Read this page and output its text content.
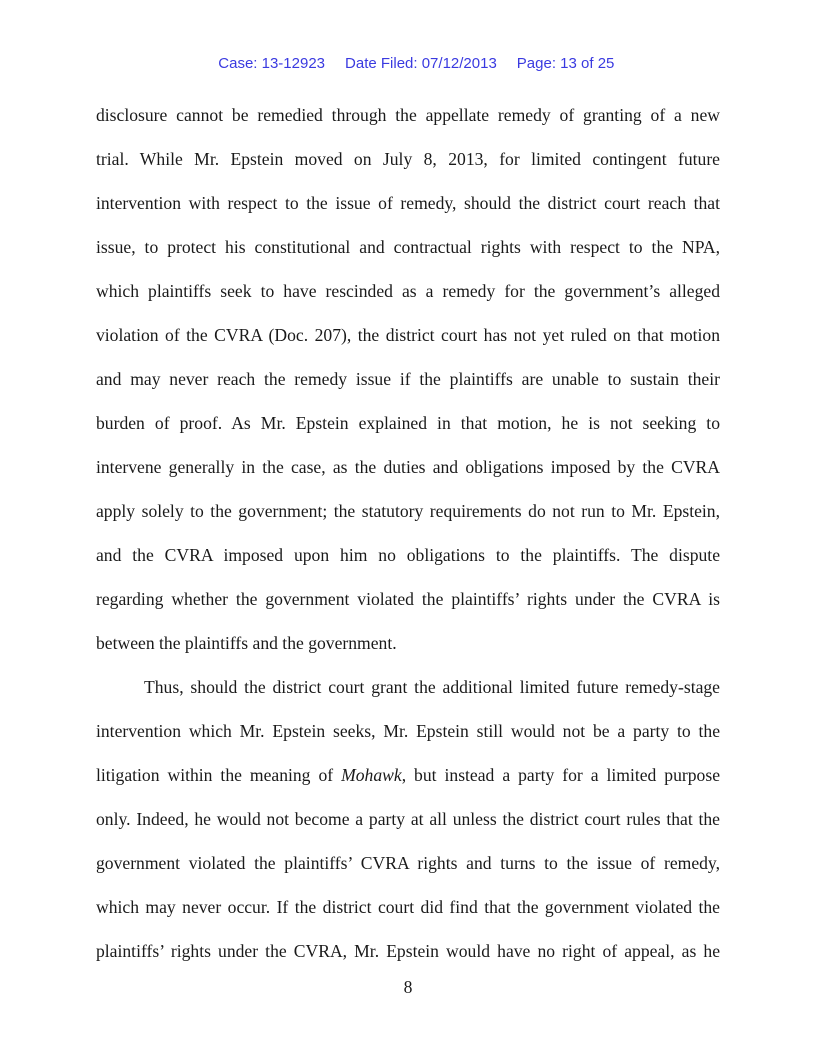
Case: 13-12923 Date Filed: 07/12/2013 Page: 13 of 25

disclosure cannot be remedied through the appellate remedy of granting of a new
trial. While Mr. Epstein moved on July 8, 2013, for limited contingent future
intervention with respect to the issue of remedy, should the district court reach that
issue, to protect his constitutional and contractual rights with respect to the NPA,
which plaintiffs seek to have rescinded as a remedy for the government’s alleged
violation of the CVRA (Doc. 207), the district court has not yet ruled on that motion
and may never reach the remedy issue if the plaintiffs are unable to sustain their
burden of proof. As Mr. Epstein explained in that motion, he is not seeking to
intervene generally in the case, as the duties and obligations imposed by the CVRA
apply solely to the government; the statutory requirements do not run to Mr. Epstein,
and the CVRA imposed upon him no obligations to the plaintiffs. The dispute
regarding whether the government violated the plaintiffs’ rights under the CVRA is
between the plaintiffs and the government.

Thus, should the district court grant the additional limited future remedy-stage
intervention which Mr. Epstein seeks, Mr. Epstein still would not be a party to the
litigation within the meaning of Mohawk, but instead a party for a limited purpose
only. Indeed, he would not become a party at all unless the district court rules that the
government violated the plaintiffs’ CVRA rights and turns to the issue of remedy,
which may never occur. If the district court did find that the government violated the
plaintiffs’ rights under the CVRA, Mr. Epstein would have no right of appeal, as he

8
